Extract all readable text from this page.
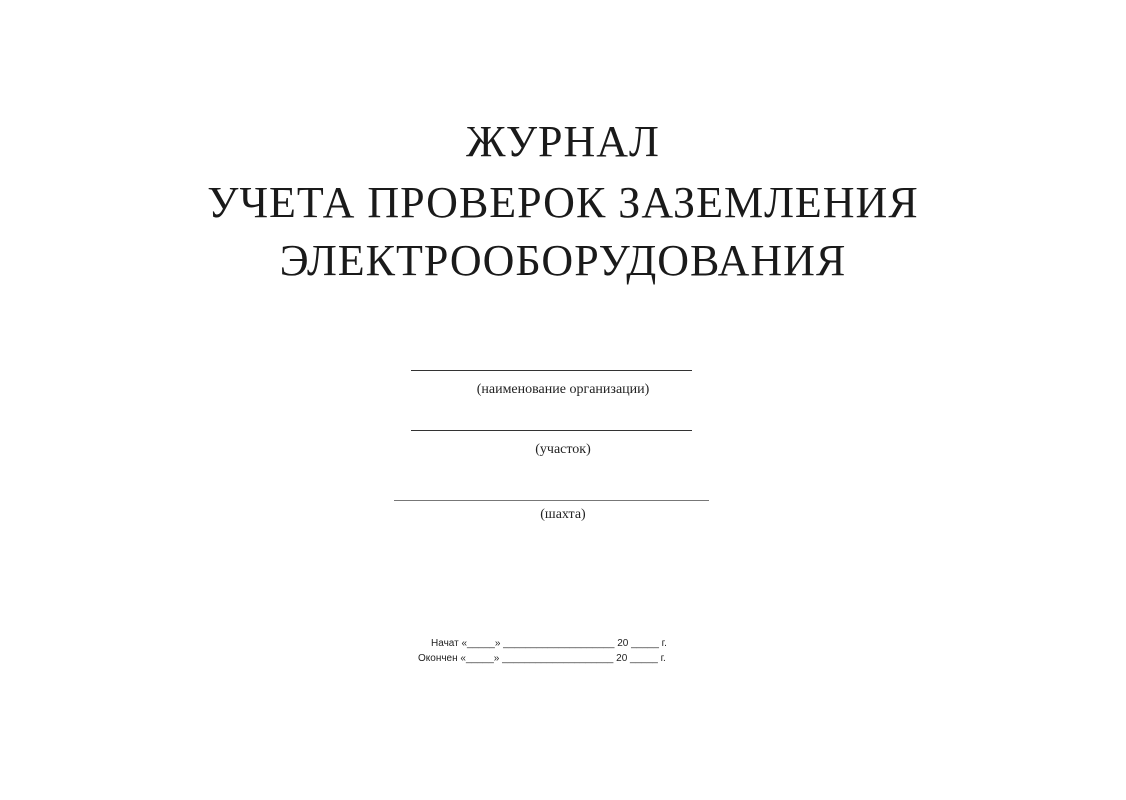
ЖУРНАЛ
УЧЕТА ПРОВЕРОК ЗАЗЕМЛЕНИЯ
ЭЛЕКТРООБОРУДОВАНИЯ
(наименование организации)
(участок)
(шахта)
Начат «_____» ____________________ 20 _____ г.
Окончен «_____» ____________________ 20 _____ г.
